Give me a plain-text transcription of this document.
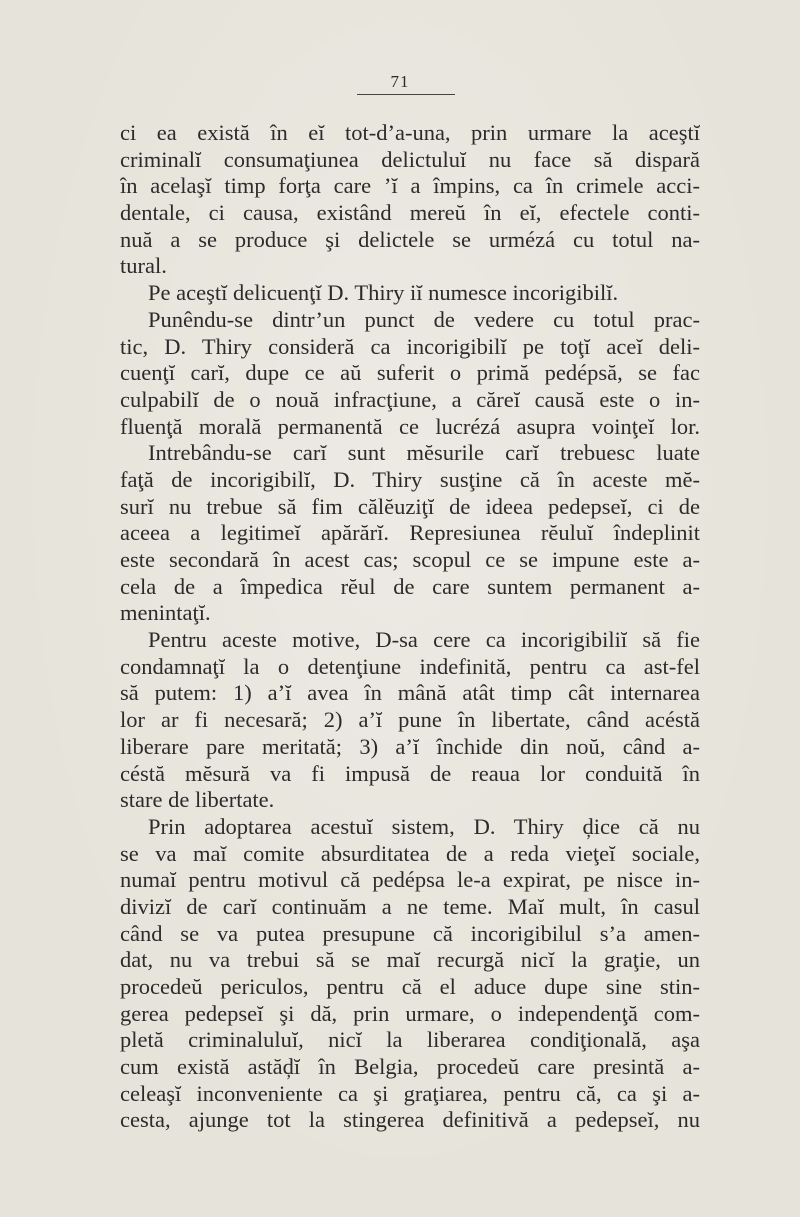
71
ci ea există în eĭ tot-d’a-una, prin urmare la aceştĭ
criminalĭ consumaţiunea delictuluĭ nu face să dispară
în acelaşĭ timp forţa care ’ĭ a împins, ca în crimele acci-
dentale, ci causa, existând mereŭ în eĭ, efectele conti-
nuă a se produce şi delictele se urmézá cu totul na-
tural.
Pe aceştĭ delicuenţĭ D. Thiry iĭ numesce incorigibilĭ.
Punêndu-se dintr’un punct de vedere cu totul prac-
tic, D. Thiry consideră ca incorigibilĭ pe toţĭ aceĭ deli-
cuenţĭ carĭ, dupe ce aŭ suferit o primă pedépsă, se fac
culpabilĭ de o nouă infracţiune, a căreĭ causă este o in-
fluenţă morală permanentă ce lucrézá asupra voinţeĭ lor.
Intrebându-se carĭ sunt mĕsurile carĭ trebuesc luate
faţă de incorigibilĭ, D. Thiry susţine că în aceste mĕ-
surĭ nu trebue să fim călĕuziţĭ de ideea pedepseĭ, ci de
aceea a legitimeĭ apărărĭ. Represiunea rĕuluĭ îndeplinit
este secondară în acest cas; scopul ce se impune este a-
cela de a împedica rĕul de care suntem permanent a-
menintaţĭ.
Pentru aceste motive, D-sa cere ca incorigibiliĭ să fie
condamnaţĭ la o detenţiune indefinită, pentru ca ast-fel
să putem: 1) a’ĭ avea în mână atât timp cât internarea
lor ar fi necesară; 2) a’ĭ pune în libertate, când acéstă
liberare pare meritată; 3) a’ĭ închide din noŭ, când a-
céstă mĕsură va fi impusă de reaua lor conduită în
stare de libertate.
Prin adoptarea acestuĭ sistem, D. Thiry ḑice că nu
se va maĭ comite absurditatea de a reda vieţeĭ sociale,
numaĭ pentru motivul că pedépsa le-a expirat, pe nisce in-
divizĭ de carĭ continuăm a ne teme. Maĭ mult, în casul
când se va putea presupune că incorigibilul s’a amen-
dat, nu va trebui să se maĭ recurgă nicĭ la graţie, un
procedeŭ periculos, pentru că el aduce dupe sine stin-
gerea pedepseĭ şi dă, prin urmare, o independenţă com-
pletă criminaluluĭ, nicĭ la liberarea condiţională, aşa
cum există astăḑĭ în Belgia, procedeŭ care presintă a-
celeaşĭ inconveniente ca şi graţiarea, pentru că, ca şi a-
cesta, ajunge tot la stingerea definitivă a pedepseĭ, nu
